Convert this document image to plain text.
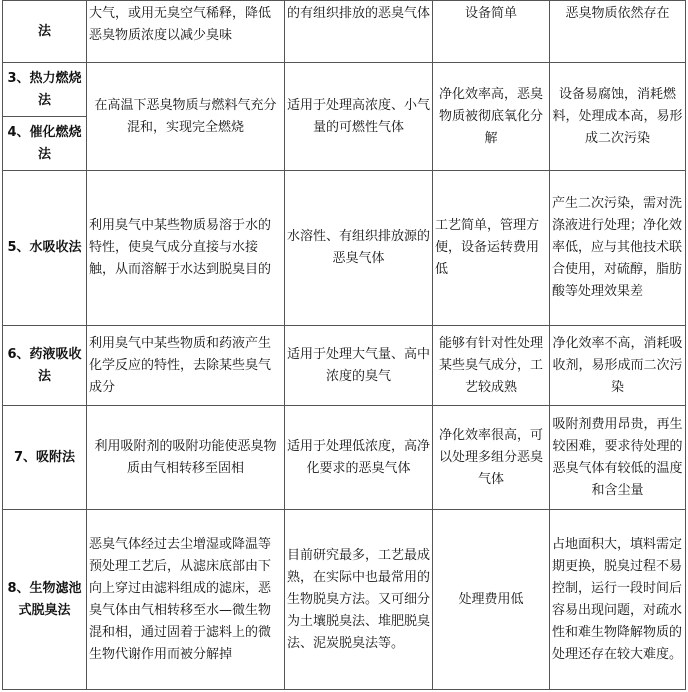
法	大气，或用无臭空气稀释，降低恶臭物质浓度以减少臭味	的有组织排放的恶臭气体	设备简单	恶臭物质依然存在
3、热力燃烧法	在高温下恶臭物质与燃料气充分混和，实现完全燃烧	适用于处理高浓度、小气量的可燃性气体	净化效率高，恶臭物质被彻底氧化分解	设备易腐蚀，消耗燃料，处理成本高，易形成二次污染
4、催化燃烧法				
5、水吸收法	利用臭气中某些物质易溶于水的特性，使臭气成分直接与水接触，从而溶解于水达到脱臭目的	水溶性、有组织排放源的恶臭气体	工艺简单，管理方便，设备运转费用低	产生二次污染，需对洗涤液进行处理；净化效率低，应与其他技术联合使用，对硫醇，脂肪酸等处理效果差
6、药液吸收法	利用臭气中某些物质和药液产生化学反应的特性，去除某些臭气成分	适用于处理大气量、高中浓度的臭气	能够有针对性处理某些臭气成分，工艺较成熟	净化效率不高，消耗吸收剂，易形成而二次污染
7、吸附法	利用吸附剂的吸附功能使恶臭物质由气相转移至固相	适用于处理低浓度，高净化要求的恶臭气体	净化效率很高，可以处理多组分恶臭气体	吸附剂费用昂贵，再生较困难，要求待处理的恶臭气体有较低的温度和含尘量
8、生物滤池式脱臭法	恶臭气体经过去尘增湿或降温等预处理工艺后，从滤床底部由下向上穿过由滤料组成的滤床，恶臭气体由气相转移至水—微生物混和相，通过固着于滤料上的微生物代谢作用而被分解掉	目前研究最多，工艺最成熟，在实际中也最常用的生物脱臭方法。又可细分为土壤脱臭法、堆肥脱臭法、泥炭脱臭法等。	处理费用低	占地面积大，填料需定期更换，脱臭过程不易控制，运行一段时间后容易出现问题，对疏水性和难生物降解物质的处理还存在较大难度。
